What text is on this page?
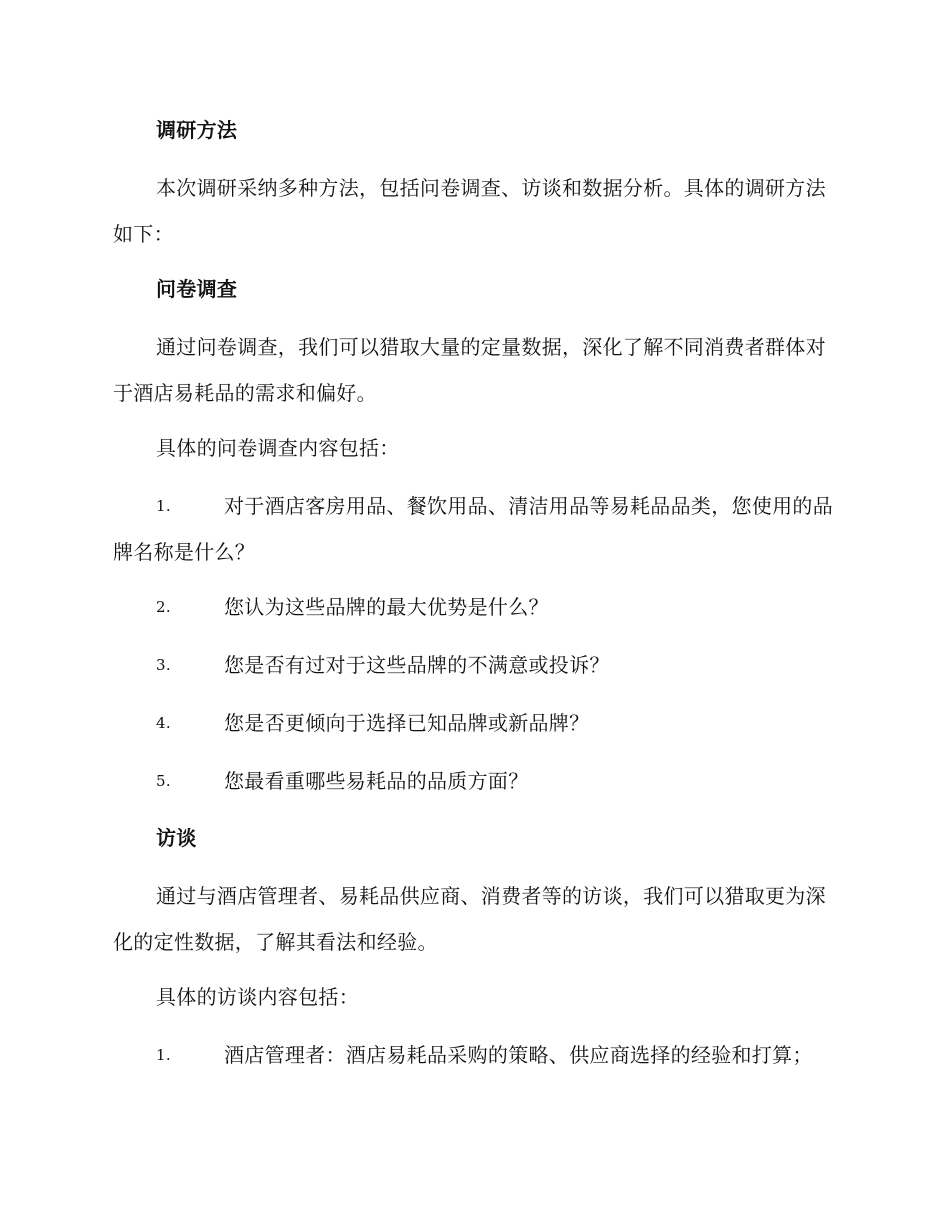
调研方法

本次调研采纳多种方法，包括问卷调查、访谈和数据分析。具体的调研方法如下：

问卷调查

通过问卷调查，我们可以猎取大量的定量数据，深化了解不同消费者群体对于酒店易耗品的需求和偏好。

具体的问卷调查内容包括：

1.	对于酒店客房用品、餐饮用品、清洁用品等易耗品品类，您使用的品牌名称是什么？
2.	您认为这些品牌的最大优势是什么？
3.	您是否有过对于这些品牌的不满意或投诉？
4.	您是否更倾向于选择已知品牌或新品牌？
5.	您最看重哪些易耗品的品质方面？
访谈

通过与酒店管理者、易耗品供应商、消费者等的访谈，我们可以猎取更为深化的定性数据，了解其看法和经验。

具体的访谈内容包括：

1.	酒店管理者：酒店易耗品采购的策略、供应商选择的经验和打算；
